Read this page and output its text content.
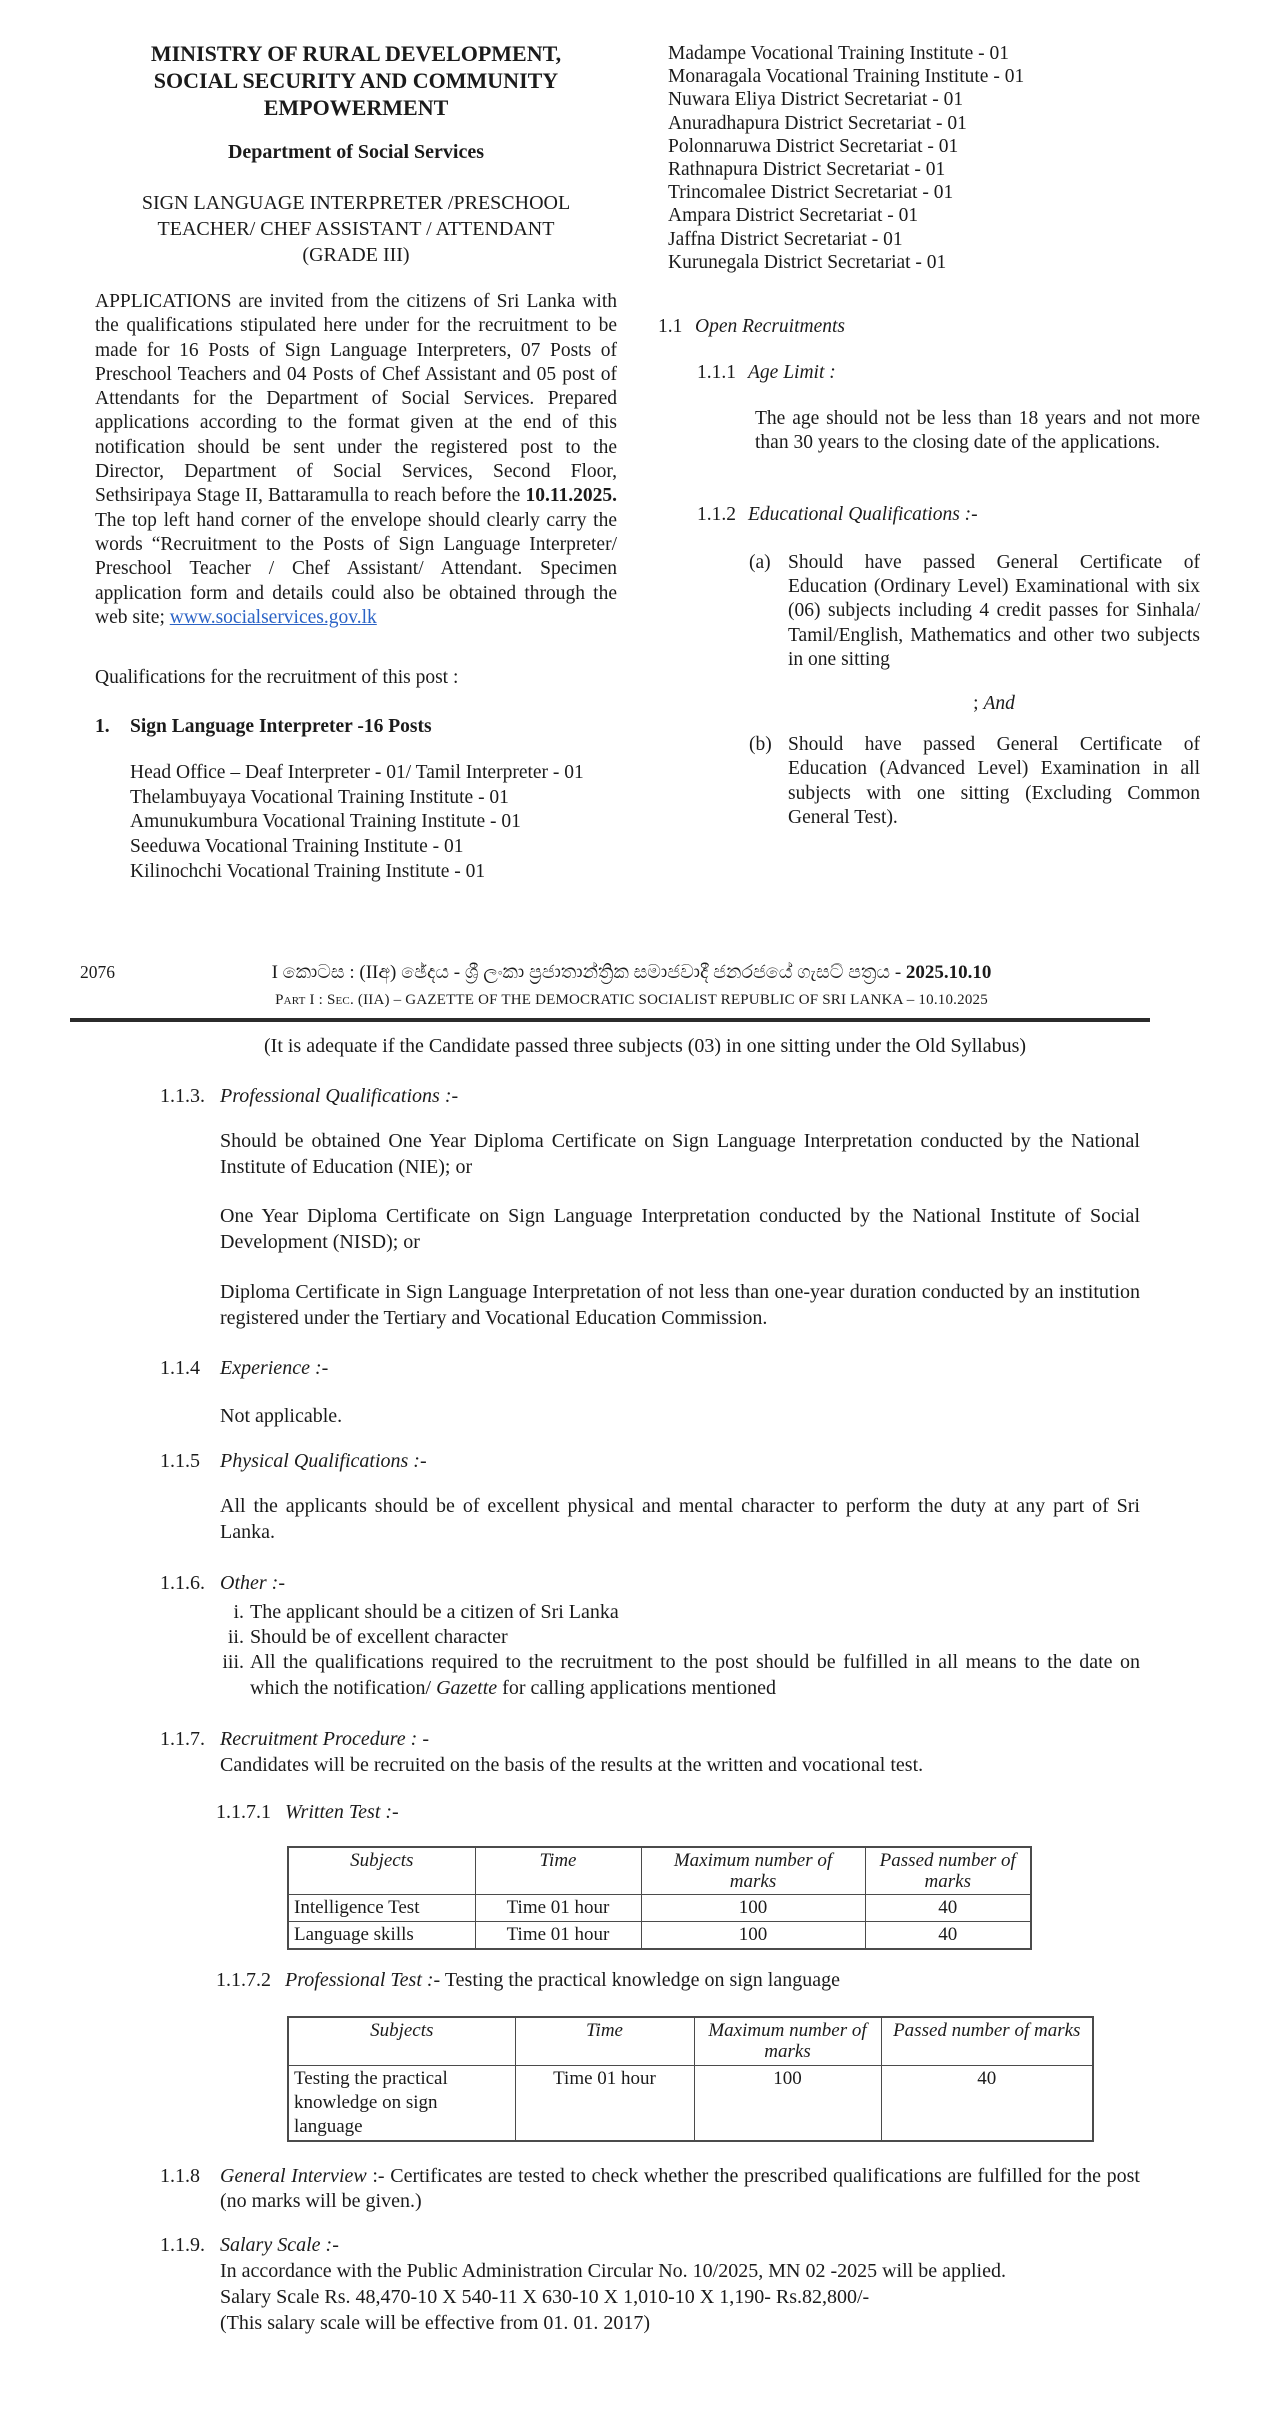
MINISTRY OF RURAL DEVELOPMENT,
SOCIAL SECURITY AND COMMUNITY
EMPOWERMENT
Department of Social Services
SIGN LANGUAGE INTERPRETER /PRESCHOOL
TEACHER/ CHEF ASSISTANT / ATTENDANT
(GRADE III)

APPLICATIONS are invited from the citizens of Sri Lanka with the qualifications stipulated here under for the recruitment to be made for 16 Posts of Sign Language Interpreters, 07 Posts of Preschool Teachers and 04 Posts of Chef Assistant and 05 post of Attendants for the Department of Social Services. Prepared applications according to the format given at the end of this notification should be sent under the registered post to the Director, Department of Social Services, Second Floor, Sethsiripaya Stage II, Battaramulla to reach before the 10.11.2025. The top left hand corner of the envelope should clearly carry the words “Recruitment to the Posts of Sign Language Interpreter/ Preschool Teacher / Chef Assistant/ Attendant. Specimen application form and details could also be obtained through the web site; www.socialservices.gov.lk

Qualifications for the recruitment of this post :
1.	Sign Language Interpreter -16 Posts
Head Office – Deaf Interpreter - 01/ Tamil Interpreter - 01
Thelambuyaya Vocational Training Institute - 01
Amunukumbura Vocational Training Institute - 01
Seeduwa Vocational Training Institute - 01
Kilinochchi Vocational Training Institute - 01
Madampe Vocational Training Institute - 01
Monaragala Vocational Training Institute - 01
Nuwara Eliya District Secretariat - 01
Anuradhapura District Secretariat - 01
Polonnaruwa District Secretariat - 01
Rathnapura District Secretariat - 01
Trincomalee District Secretariat - 01
Ampara District Secretariat - 01
Jaffna District Secretariat - 01
Kurunegala District Secretariat - 01
1.1 Open Recruitments
1.1.1 Age Limit :
The age should not be less than 18 years and not more than 30 years to the closing date of the applications.
1.1.2 Educational Qualifications :-
(a) Should have passed General Certificate of Education (Ordinary Level) Examinational with six (06) subjects including 4 credit passes for Sinhala/ Tamil/English, Mathematics and other two subjects in one sitting
; And
(b) Should have passed General Certificate of Education (Advanced Level) Examination in all subjects with one sitting (Excluding Common General Test).
2076	I කොටස : (IIඅ) ඡේදය - ශ්‍රී ලංකා ප්‍රජාතාන්ත්‍රික සමාජවාදී ජනරජයේ ගැසට් පත්‍රය - 2025.10.10
Part I : Sec. (IIA) – GAZETTE OF THE DEMOCRATIC SOCIALIST REPUBLIC OF SRI LANKA – 10.10.2025
(It is adequate if the Candidate passed three subjects (03) in one sitting under the Old Syllabus)
1.1.3. Professional Qualifications :-
Should be obtained One Year Diploma Certificate on Sign Language Interpretation conducted by the National Institute of Education (NIE); or
One Year Diploma Certificate on Sign Language Interpretation conducted by the National Institute of Social Development (NISD); or
Diploma Certificate in Sign Language Interpretation of not less than one-year duration conducted by an institution registered under the Tertiary and Vocational Education Commission.
1.1.4	Experience :-
Not applicable.
1.1.5	Physical Qualifications :-
All the applicants should be of excellent physical and mental character to perform the duty at any part of Sri Lanka.
1.1.6. Other :-
i. The applicant should be a citizen of Sri Lanka
ii. Should be of excellent character
iii. All the qualifications required to the recruitment to the post should be fulfilled in all means to the date on which the notification/ Gazette for calling applications mentioned
1.1.7. Recruitment Procedure : -
Candidates will be recruited on the basis of the results at the written and vocational test.
1.1.7.1 Written Test :-
Subjects	Time	Maximum number of marks	Passed number of marks
Intelligence Test	Time 01 hour	100	40
Language skills	Time 01 hour	100	40
1.1.7.2 Professional Test :- Testing the practical knowledge on sign language
Subjects	Time	Maximum number of marks	Passed number of marks
Testing the practical knowledge on sign language	Time 01 hour	100	40
1.1.8	General Interview :- Certificates are tested to check whether the prescribed qualifications are fulfilled for the post (no marks will be given.)
1.1.9. Salary Scale :-
In accordance with the Public Administration Circular No. 10/2025, MN 02 -2025 will be applied.
Salary Scale Rs. 48,470-10 X 540-11 X 630-10 X 1,010-10 X 1,190- Rs.82,800/-
(This salary scale will be effective from 01. 01. 2017)
